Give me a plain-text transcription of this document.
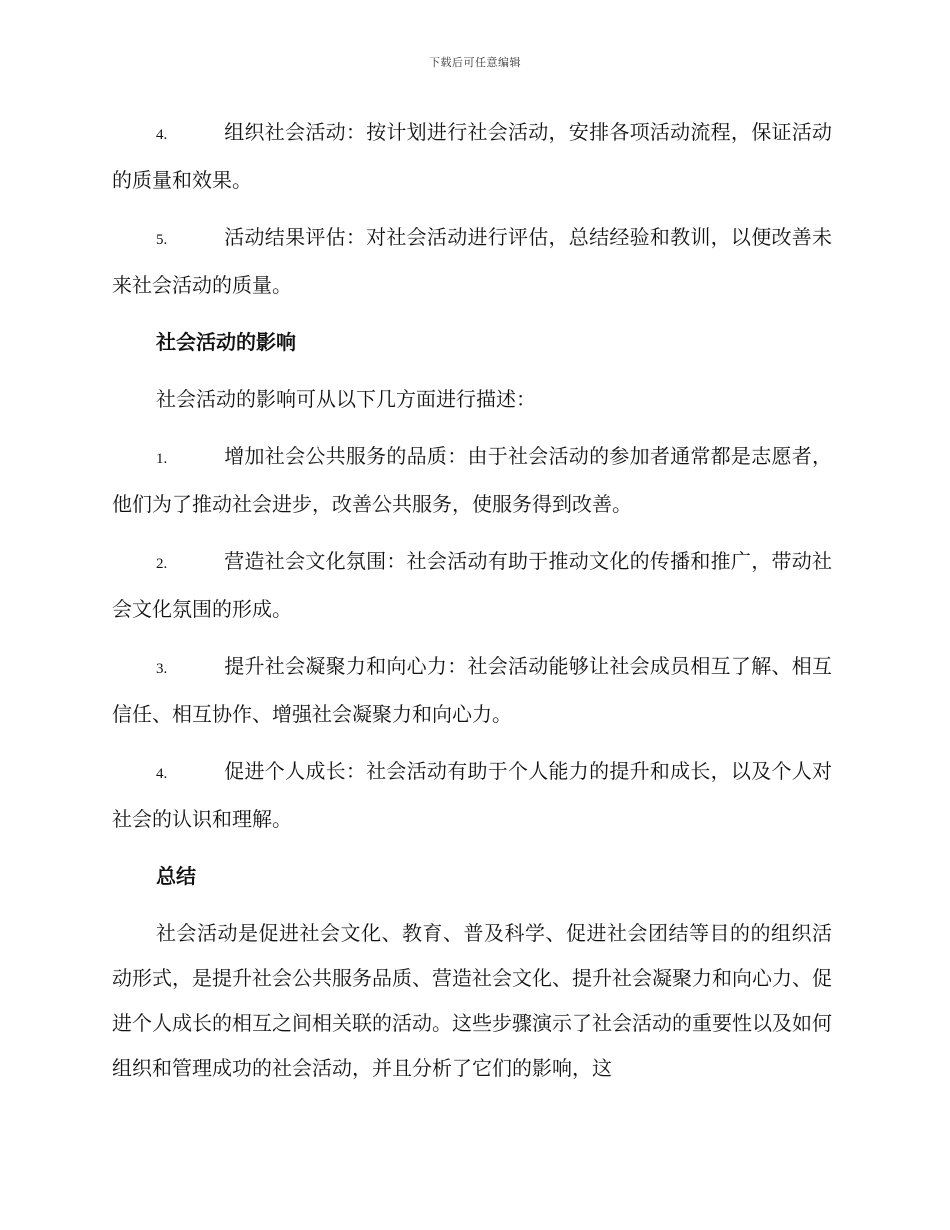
下载后可任意编辑

4.	组织社会活动：按计划进行社会活动，安排各项活动流程，保证活动的质量和效果。

5.	活动结果评估：对社会活动进行评估，总结经验和教训，以便改善未来社会活动的质量。

社会活动的影响

社会活动的影响可从以下几方面进行描述：

1.	增加社会公共服务的品质：由于社会活动的参加者通常都是志愿者，他们为了推动社会进步，改善公共服务，使服务得到改善。

2.	营造社会文化氛围：社会活动有助于推动文化的传播和推广，带动社会文化氛围的形成。

3.	提升社会凝聚力和向心力：社会活动能够让社会成员相互了解、相互信任、相互协作、增强社会凝聚力和向心力。

4.	促进个人成长：社会活动有助于个人能力的提升和成长，以及个人对社会的认识和理解。

总结

社会活动是促进社会文化、教育、普及科学、促进社会团结等目的的组织活动形式，是提升社会公共服务品质、营造社会文化、提升社会凝聚力和向心力、促进个人成长的相互之间相关联的活动。这些步骤演示了社会活动的重要性以及如何组织和管理成功的社会活动，并且分析了它们的影响，这
